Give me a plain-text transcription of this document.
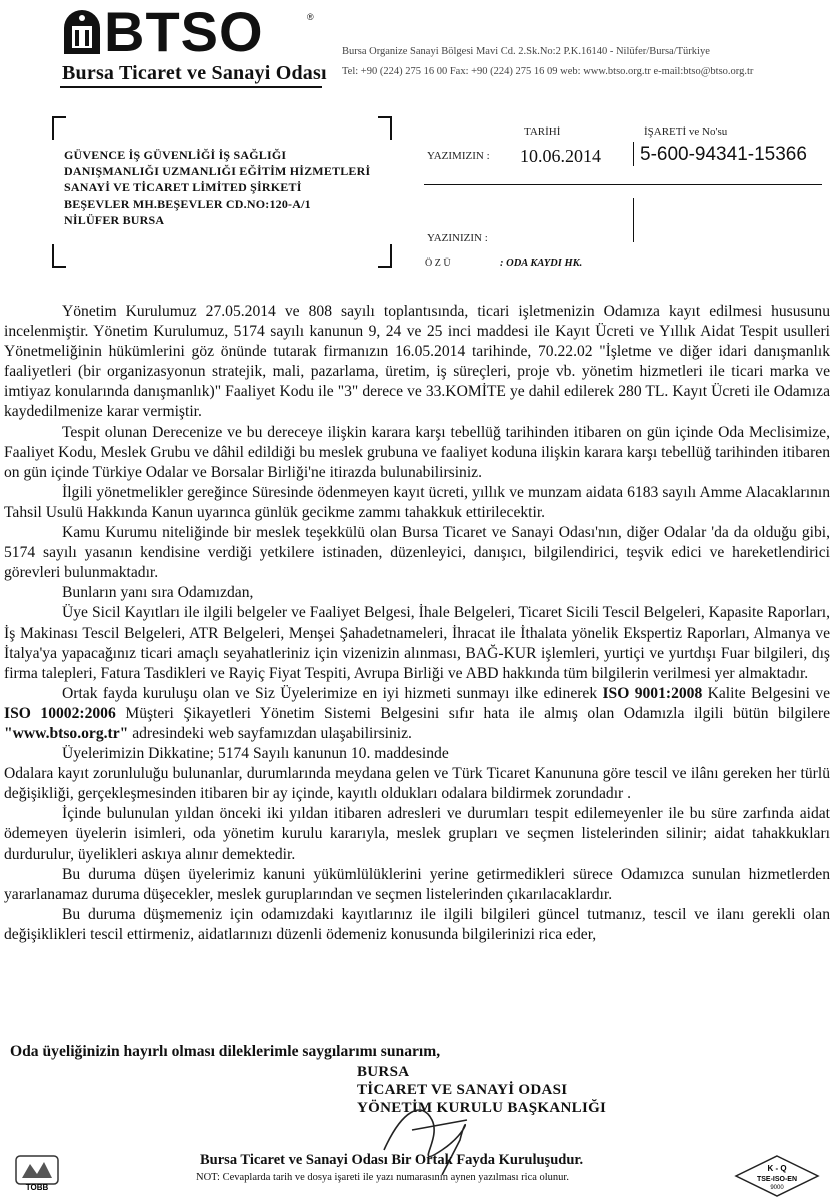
BTSO	®
Bursa Ticaret ve Sanayi Odası
Bursa Organize Sanayi Bölgesi Mavi Cd. 2.Sk.No:2 P.K.16140 - Nilüfer/Bursa/Türkiye
Tel: +90 (224) 275 16 00 Fax: +90 (224) 275 16 09 web: www.btso.org.tr e-mail:btso@btso.org.tr
GÜVENCE İŞ GÜVENLİĞİ İŞ SAĞLIĞI
DANIŞMANLIĞI UZMANLIĞI EĞİTİM HİZMETLERİ
SANAYİ VE TİCARET LİMİTED ŞİRKETİ
BEŞEVLER MH.BEŞEVLER CD.NO:120-A/1
NİLÜFER BURSA
TARİHİ	İŞARETİ ve No'su
YAZIMIZIN : 10.06.2014 5-600-94341-15366
YAZINIZIN :
Ö Z Ü	: ODA KAYDI HK.

Yönetim Kurulumuz 27.05.2014 ve 808 sayılı toplantısında, ticari işletmenizin Odamıza kayıt edilmesi hususunu incelenmiştir. Yönetim Kurulumuz, 5174 sayılı kanunun 9, 24 ve 25 inci maddesi ile Kayıt Ücreti ve Yıllık Aidat Tespit usulleri Yönetmeliğinin hükümlerini göz önünde tutarak firmanızın 16.05.2014 tarihinde, 70.22.02 "İşletme ve diğer idari danışmanlık faaliyetleri (bir organizasyonun stratejik, mali, pazarlama, üretim, iş süreçleri, proje vb. yönetim hizmetleri ile ticari marka ve imtiyaz konularında danışmanlık)" Faaliyet Kodu ile "3" derece ve 33.KOMİTE ye dahil edilerek 280 TL. Kayıt Ücreti ile Odamıza kaydedilmenize karar vermiştir.

Tespit olunan Derecenize ve bu dereceye ilişkin karara karşı tebellüğ tarihinden itibaren on gün içinde Oda Meclisimize, Faaliyet Kodu, Meslek Grubu ve dâhil edildiği bu meslek grubuna ve faaliyet koduna ilişkin karara karşı tebellüğ tarihinden itibaren on gün içinde Türkiye Odalar ve Borsalar Birliği'ne itirazda bulunabilirsiniz.

İlgili yönetmelikler gereğince Süresinde ödenmeyen kayıt ücreti, yıllık ve munzam aidata 6183 sayılı Amme Alacaklarının Tahsil Usulü Hakkında Kanun uyarınca günlük gecikme zammı tahakkuk ettirilecektir.

Kamu Kurumu niteliğinde bir meslek teşekkülü olan Bursa Ticaret ve Sanayi Odası'nın, diğer Odalar 'da da olduğu gibi, 5174 sayılı yasanın kendisine verdiği yetkilere istinaden, düzenleyici, danışıcı, bilgilendirici, teşvik edici ve hareketlendirici görevleri bulunmaktadır.

Bunların yanı sıra Odamızdan,

Üye Sicil Kayıtları ile ilgili belgeler ve Faaliyet Belgesi, İhale Belgeleri, Ticaret Sicili Tescil Belgeleri, Kapasite Raporları, İş Makinası Tescil Belgeleri, ATR Belgeleri, Menşei Şahadetnameleri, İhracat ile İthalata yönelik Ekspertiz Raporları, Almanya ve İtalya'ya yapacağınız ticari amaçlı seyahatleriniz için vizenizin alınması, BAĞ-KUR işlemleri, yurtiçi ve yurtdışı Fuar bilgileri, dış firma talepleri, Fatura Tasdikleri ve Rayiç Fiyat Tespiti, Avrupa Birliği ve ABD hakkında tüm bilgilerin verilmesi yer almaktadır.

Ortak fayda kuruluşu olan ve Siz Üyelerimize en iyi hizmeti sunmayı ilke edinerek ISO 9001:2008 Kalite Belgesini ve ISO 10002:2006 Müşteri Şikayetleri Yönetim Sistemi Belgesini sıfır hata ile almış olan Odamızla ilgili bütün bilgilere "www.btso.org.tr" adresindeki web sayfamızdan ulaşabilirsiniz.

Üyelerimizin Dikkatine; 5174 Sayılı kanunun 10. maddesinde

Odalara kayıt zorunluluğu bulunanlar, durumlarında meydana gelen ve Türk Ticaret Kanununa göre tescil ve ilânı gereken her türlü değişikliği, gerçekleşmesinden itibaren bir ay içinde, kayıtlı oldukları odalara bildirmek zorundadır .

İçinde bulunulan yıldan önceki iki yıldan itibaren adresleri ve durumları tespit edilemeyenler ile bu süre zarfında aidat ödemeyen üyelerin isimleri, oda yönetim kurulu kararıyla, meslek grupları ve seçmen listelerinden silinir; aidat tahakkukları durdurulur, üyelikleri askıya alınır demektedir.

Bu duruma düşen üyelerimiz kanuni yükümlülüklerini yerine getirmedikleri sürece Odamızca sunulan hizmetlerden yararlanamaz duruma düşecekler, meslek guruplarından ve seçmen listelerinden çıkarılacaklardır.

Bu duruma düşmemeniz için odamızdaki kayıtlarınız ile ilgili bilgileri güncel tutmanız, tescil ve ilanı gerekli olan değişiklikleri tescil ettirmeniz, aidatlarınızı düzenli ödemeniz konusunda bilgilerinizi rica eder,

Oda üyeliğinizin hayırlı olması dileklerimle saygılarımı sunarım,
BURSA
TİCARET VE SANAYİ ODASI
YÖNETİM KURULU BAŞKANLIĞI
TOBB
Bursa Ticaret ve Sanayi Odası Bir Ortak Fayda Kuruluşudur.
NOT: Cevaplarda tarih ve dosya işareti ile yazı numarasının aynen yazılması rica olunur.
K - Q
TSE-ISO-EN
9000
